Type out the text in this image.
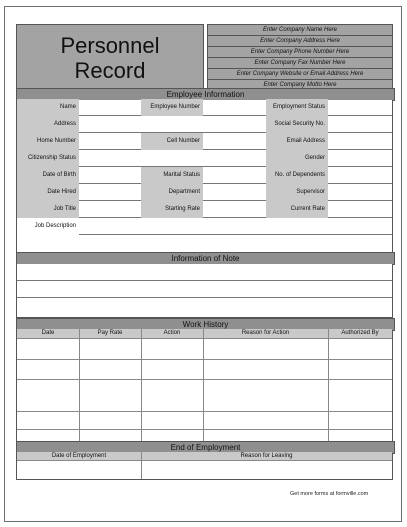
Personnel
Record
Enter Company Name Here
Enter Company Address Here
Enter Company Phone Number Here
Enter Company Fax Number Here
Enter Company Website or Email Address Here
Enter Company Motto Here
Employee Information
Name	Employee Number	Employment Status
Address	Social Security No.
Home Number	Cell Number	Email Address
Citizenship Status	Gender
Date of Birth	Marital Status	No. of Dependents
Date Hired	Department	Supervisor
Job Title	Starting Rate	Current Rate
Job Description
Information of Note
Work History
Date	Pay Rate	Action	Reason for Action	Authorized By
End of Employment
Date of Employment	Reason for Leaving
Get more forms at formville.com
